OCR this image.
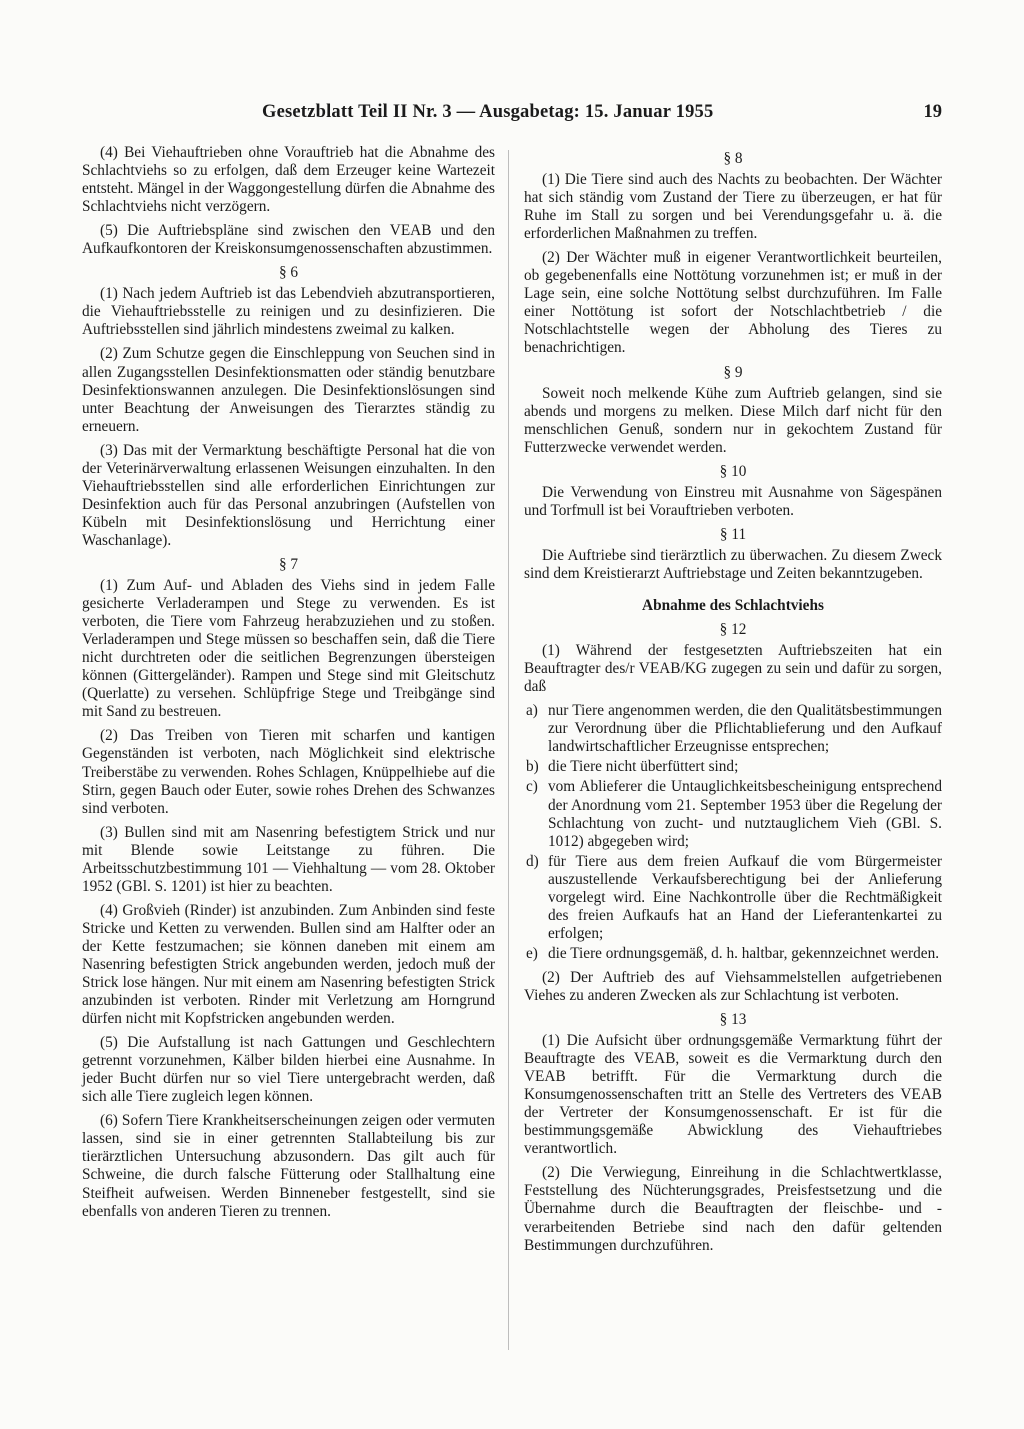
Gesetzblatt Teil II Nr. 3 — Ausgabetag: 15. Januar 1955	19

(4) Bei Viehauftrieben ohne Vorauftrieb hat die Abnahme des Schlachtviehs so zu erfolgen, daß dem Erzeuger keine Wartezeit entsteht. Mängel in der Waggongestellung dürfen die Abnahme des Schlachtviehs nicht verzögern.

(5) Die Auftriebspläne sind zwischen den VEAB und den Aufkaufkontoren der Kreiskonsumgenossenschaften abzustimmen.

§ 6

(1) Nach jedem Auftrieb ist das Lebendvieh abzutransportieren, die Viehauftriebsstelle zu reinigen und zu desinfizieren. Die Auftriebsstellen sind jährlich mindestens zweimal zu kalken.

(2) Zum Schutze gegen die Einschleppung von Seuchen sind in allen Zugangsstellen Desinfektionsmatten oder ständig benutzbare Desinfektionswannen anzulegen. Die Desinfektionslösungen sind unter Beachtung der Anweisungen des Tierarztes ständig zu erneuern.

(3) Das mit der Vermarktung beschäftigte Personal hat die von der Veterinärverwaltung erlassenen Weisungen einzuhalten. In den Viehauftriebsstellen sind alle erforderlichen Einrichtungen zur Desinfektion auch für das Personal anzubringen (Aufstellen von Kübeln mit Desinfektionslösung und Herrichtung einer Waschanlage).

§ 7

(1) Zum Auf- und Abladen des Viehs sind in jedem Falle gesicherte Verladerampen und Stege zu verwenden. Es ist verboten, die Tiere vom Fahrzeug herabzuziehen und zu stoßen. Verladerampen und Stege müssen so beschaffen sein, daß die Tiere nicht durchtreten oder die seitlichen Begrenzungen übersteigen können (Gittergeländer). Rampen und Stege sind mit Gleitschutz (Querlatte) zu versehen. Schlüpfrige Stege und Treibgänge sind mit Sand zu bestreuen.

(2) Das Treiben von Tieren mit scharfen und kantigen Gegenständen ist verboten, nach Möglichkeit sind elektrische Treiberstäbe zu verwenden. Rohes Schlagen, Knüppelhiebe auf die Stirn, gegen Bauch oder Euter, sowie rohes Drehen des Schwanzes sind verboten.

(3) Bullen sind mit am Nasenring befestigtem Strick und nur mit Blende sowie Leitstange zu führen. Die Arbeitsschutzbestimmung 101 — Viehhaltung — vom 28. Oktober 1952 (GBl. S. 1201) ist hier zu beachten.

(4) Großvieh (Rinder) ist anzubinden. Zum Anbinden sind feste Stricke und Ketten zu verwenden. Bullen sind am Halfter oder an der Kette festzumachen; sie können daneben mit einem am Nasenring befestigten Strick angebunden werden, jedoch muß der Strick lose hängen. Nur mit einem am Nasenring befestigten Strick anzubinden ist verboten. Rinder mit Verletzung am Horngrund dürfen nicht mit Kopfstricken angebunden werden.

(5) Die Aufstallung ist nach Gattungen und Geschlechtern getrennt vorzunehmen, Kälber bilden hierbei eine Ausnahme. In jeder Bucht dürfen nur so viel Tiere untergebracht werden, daß sich alle Tiere zugleich legen können.

(6) Sofern Tiere Krankheitserscheinungen zeigen oder vermuten lassen, sind sie in einer getrennten Stallabteilung bis zur tierärztlichen Untersuchung abzusondern. Das gilt auch für Schweine, die durch falsche Fütterung oder Stallhaltung eine Steifheit aufweisen. Werden Binneneber festgestellt, sind sie ebenfalls von anderen Tieren zu trennen.

§ 8

(1) Die Tiere sind auch des Nachts zu beobachten. Der Wächter hat sich ständig vom Zustand der Tiere zu überzeugen, er hat für Ruhe im Stall zu sorgen und bei Verendungsgefahr u. ä. die erforderlichen Maßnahmen zu treffen.

(2) Der Wächter muß in eigener Verantwortlichkeit beurteilen, ob gegebenenfalls eine Nottötung vorzunehmen ist; er muß in der Lage sein, eine solche Nottötung selbst durchzuführen. Im Falle einer Nottötung ist sofort der Notschlachtbetrieb / die Notschlachtstelle wegen der Abholung des Tieres zu benachrichtigen.

§ 9

Soweit noch melkende Kühe zum Auftrieb gelangen, sind sie abends und morgens zu melken. Diese Milch darf nicht für den menschlichen Genuß, sondern nur in gekochtem Zustand für Futterzwecke verwendet werden.

§ 10

Die Verwendung von Einstreu mit Ausnahme von Sägespänen und Torfmull ist bei Vorauftrieben verboten.

§ 11

Die Auftriebe sind tierärztlich zu überwachen. Zu diesem Zweck sind dem Kreistierarzt Auftriebstage und Zeiten bekanntzugeben.

Abnahme des Schlachtviehs
§ 12

(1) Während der festgesetzten Auftriebszeiten hat ein Beauftragter des/r VEAB/KG zugegen zu sein und dafür zu sorgen, daß

a) nur Tiere angenommen werden, die den Qualitätsbestimmungen zur Verordnung über die Pflichtablieferung und den Aufkauf landwirtschaftlicher Erzeugnisse entsprechen;
b) die Tiere nicht überfüttert sind;
c) vom Ablieferer die Untauglichkeitsbescheinigung entsprechend der Anordnung vom 21. September 1953 über die Regelung der Schlachtung von zucht- und nutztauglichem Vieh (GBl. S. 1012) abgegeben wird;
d) für Tiere aus dem freien Aufkauf die vom Bürgermeister auszustellende Verkaufsberechtigung bei der Anlieferung vorgelegt wird. Eine Nachkontrolle über die Rechtmäßigkeit des freien Aufkaufs hat an Hand der Lieferantenkartei zu erfolgen;
e) die Tiere ordnungsgemäß, d. h. haltbar, gekennzeichnet werden.

(2) Der Auftrieb des auf Viehsammelstellen aufgetriebenen Viehes zu anderen Zwecken als zur Schlachtung ist verboten.

§ 13

(1) Die Aufsicht über ordnungsgemäße Vermarktung führt der Beauftragte des VEAB, soweit es die Vermarktung durch den VEAB betrifft. Für die Vermarktung durch die Konsumgenossenschaften tritt an Stelle des Vertreters des VEAB der Vertreter der Konsumgenossenschaft. Er ist für die bestimmungsgemäße Abwicklung des Viehauftriebes verantwortlich.

(2) Die Verwiegung, Einreihung in die Schlachtwertklasse, Feststellung des Nüchterungsgrades, Preisfestsetzung und die Übernahme durch die Beauftragten der fleischbe- und -verarbeitenden Betriebe sind nach den dafür geltenden Bestimmungen durchzuführen.
